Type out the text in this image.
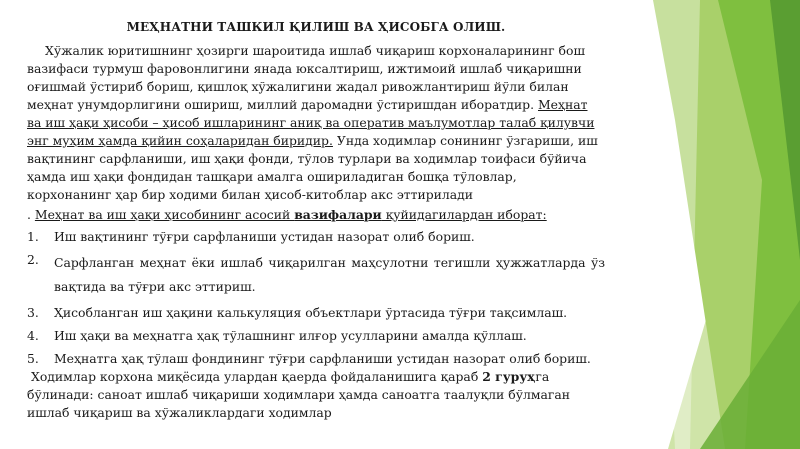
МЕҲНАТНИ ТАШКИЛ ҚИЛИШ ВА ҲИСОБГА ОЛИШ.

Хўжалик юритишнинг ҳозирги шароитида ишлаб чиқариш корхоналарининг бош вазифаси турмуш фаровонлигини янада юксалтириш, ижтимоий ишлаб чиқаришни оғишмай ўстириб бориш, қишлоқ хўжалигини жадал ривожлантириш йўли билан меҳнат унумдорлигини ошириш, миллий даромадни ўстиришдан иборатдир. Меҳнат ва иш ҳақи ҳисоби – ҳисоб ишларининг аниқ ва оператив маълумотлар талаб қилувчи энг муҳим ҳамда қийин соҳаларидан биридир. Унда ходимлар сонининг ўзгариши, иш вақтининг сарфланиши, иш ҳақи фонди, тўлов турлари ва ходимлар тоифаси бўйича ҳамда иш ҳақи фондидан ташқари амалга ошириладиган бошқа тўловлар, корхонанинг ҳар бир ходими билан ҳисоб-китоблар акс эттирилади

. Меҳнат ва иш ҳақи ҳисобининг асосий вазифалари қуйидагилардан иборат:

1.	Иш вақтининг тўғри сарфланиши устидан назорат олиб бориш.
2.	Сарфланган меҳнат ёки ишлаб чиқарилган маҳсулотни тегишли ҳужжатларда ўз вақтида ва тўғри акс эттириш.
3.	Ҳисобланган иш ҳақини калькуляция объектлари ўртасида тўғри тақсимлаш.
4.	Иш ҳақи ва меҳнатга ҳақ тўлашнинг илғор усулларини амалда қўллаш.
5.	Меҳнатга ҳақ тўлаш фондининг тўғри сарфланиши устидан назорат олиб бориш.

Ходимлар корхона миқёсида улардан қаерда фойдаланишига қараб 2 гуруҳга

бўлинади: саноат ишлаб чиқариши ходимлари ҳамда саноатга таалуқли бўлмаган ишлаб чиқариш ва хўжаликлардаги ходимлар
